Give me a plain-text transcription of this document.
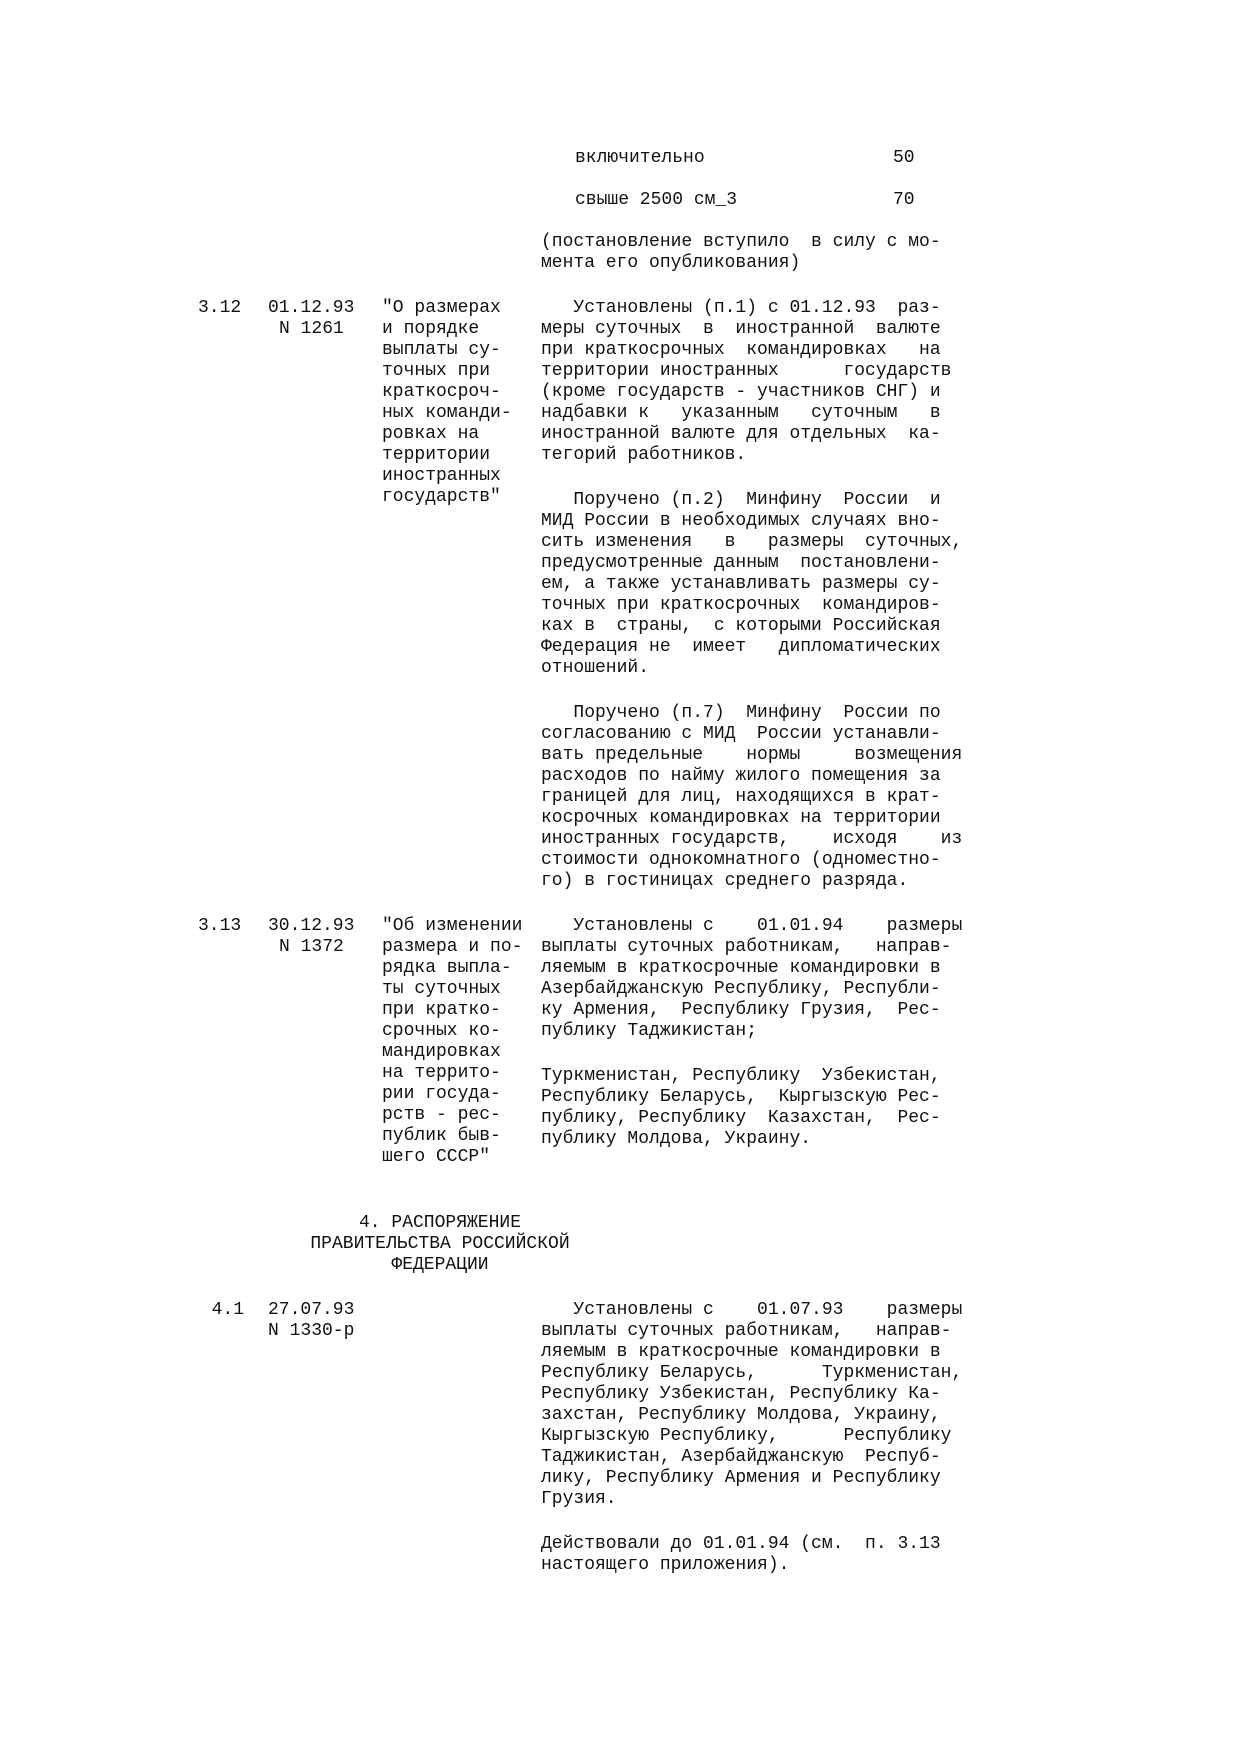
включительно	50
свыше 2500 см_3	70
(постановление вступило  в силу с мо-
мента его опубликования)
3.12 01.12.93
N 1261
"О размерах
и порядке
выплаты су-
точных при
краткосроч-
ных команди-
ровках на
территории
иностранных
государств"
Установлены (п.1) с 01.12.93  раз-
меры суточных  в  иностранной  валюте
при краткосрочных  командировках   на
территории иностранных      государств
(кроме государств - участников СНГ) и
надбавки к   указанным   суточным   в
иностранной валюте для отдельных  ка-
тегорий работников.
Поручено (п.2)  Минфину  России  и
МИД России в необходимых случаях вно-
сить изменения   в   размеры  суточных,
предусмотренные данным  постановлени-
ем, а также устанавливать размеры су-
точных при краткосрочных  командиров-
ках в  страны,  с которыми Российская
Федерация не  имеет   дипломатических
отношений.
Поручено (п.7)  Минфину  России по
согласованию с МИД  России устанавли-
вать предельные    нормы     возмещения
расходов по найму жилого помещения за
границей для лиц, находящихся в крат-
косрочных командировках на территории
иностранных государств,    исходя    из
стоимости однокомнатного (одноместно-
го) в гостиницах среднего разряда.
3.13 30.12.93
N 1372
"Об изменении
размера и по-
рядка выпла-
ты суточных
при кратко-
срочных ко-
мандировках
на террито-
рии госуда-
рств - рес-
публик быв-
шего СССР"
Установлены с    01.01.94    размеры
выплаты суточных работникам,   направ-
ляемым в краткосрочные командировки в
Азербайджанскую Республику, Республи-
ку Армения,  Республику Грузия,  Рес-
публику Таджикистан;
Туркменистан, Республику  Узбекистан,
Республику Беларусь,  Кыргызскую Рес-
публику, Республику  Казахстан,  Рес-
публику Молдова, Украину.
4. РАСПОРЯЖЕНИЕ
ПРАВИТЕЛЬСТВА РОССИЙСКОЙ
ФЕДЕРАЦИИ
4.1 27.07.93
N 1330-р
Установлены с    01.07.93    размеры
выплаты суточных работникам,   направ-
ляемым в краткосрочные командировки в
Республику Беларусь,      Туркменистан,
Республику Узбекистан, Республику Ка-
захстан, Республику Молдова, Украину,
Кыргызскую Республику,      Республику
Таджикистан, Азербайджанскую  Респуб-
лику, Республику Армения и Республику
Грузия.
Действовали до 01.01.94 (см.  п. 3.13
настоящего приложения).
